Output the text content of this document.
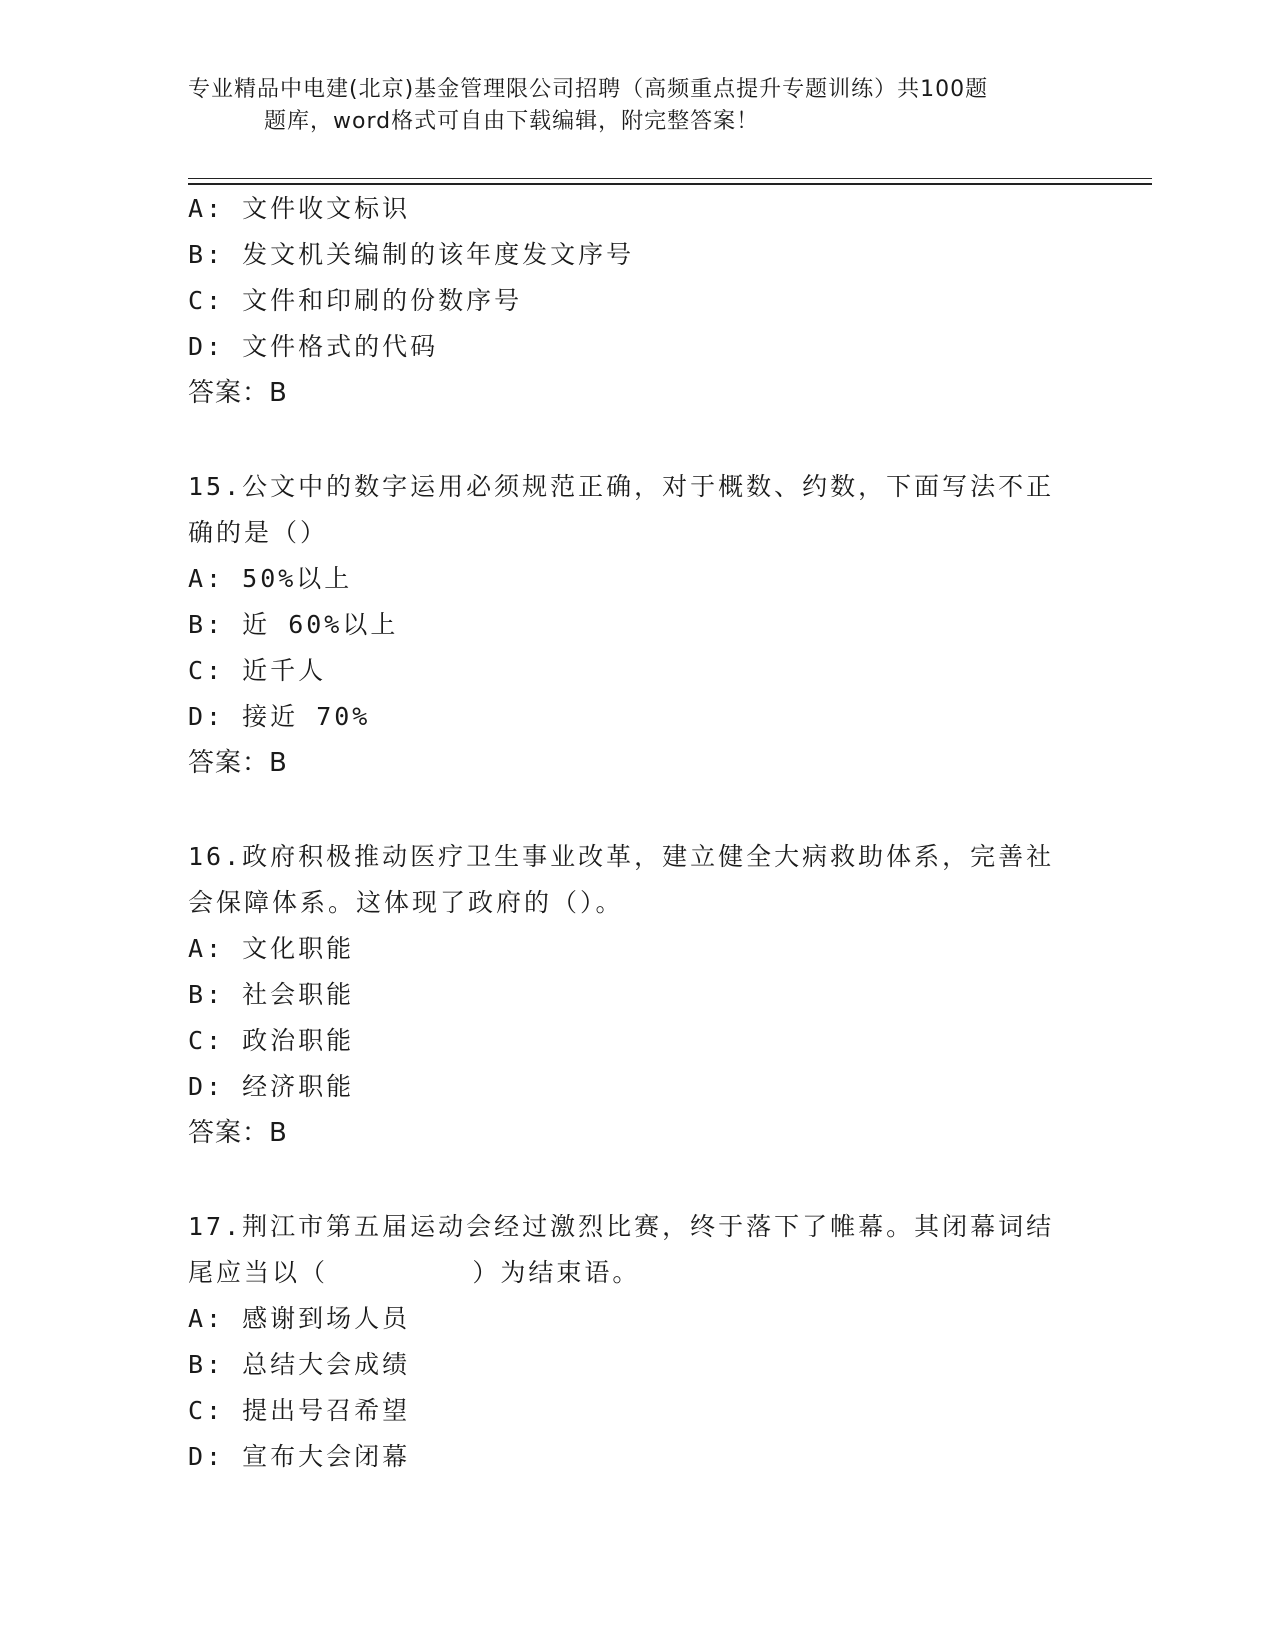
专业精品中电建(北京)基金管理限公司招聘（高频重点提升专题训练）共100题
题库，word格式可自由下载编辑，附完整答案！
A: 文件收文标识
B: 发文机关编制的该年度发文序号
C: 文件和印刷的份数序号
D: 文件格式的代码
答案：B
15.公文中的数字运用必须规范正确，对于概数、约数，下面写法不正
确的是（）
A: 50%以上
B: 近 60%以上
C: 近千人
D: 接近 70%
答案：B
16.政府积极推动医疗卫生事业改革，建立健全大病救助体系，完善社
会保障体系。这体现了政府的（）。
A: 文化职能
B: 社会职能
C: 政治职能
D: 经济职能
答案：B
17.荆江市第五届运动会经过激烈比赛，终于落下了帷幕。其闭幕词结
尾应当以（        ）为结束语。
A: 感谢到场人员
B: 总结大会成绩
C: 提出号召希望
D: 宣布大会闭幕
